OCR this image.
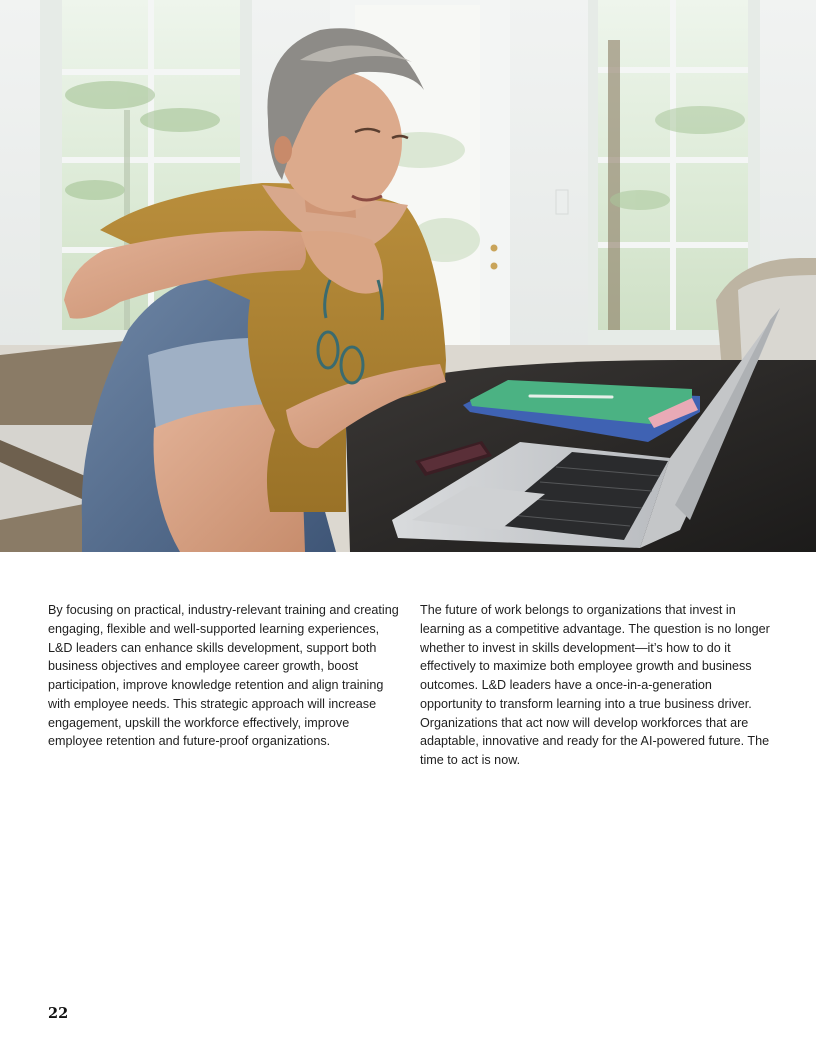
By focusing on practical, industry-relevant training and creating engaging, flexible and well-supported learning experiences, L&D leaders can enhance skills development, support both business objectives and employee career growth, boost participation, improve knowledge retention and align training with employee needs. This strategic approach will increase engagement, upskill the workforce effectively, improve employee retention and future-proof organizations.

The future of work belongs to organizations that invest in learning as a competitive advantage. The question is no longer whether to invest in skills development—it’s how to do it effectively to maximize both employee growth and business outcomes. L&D leaders have a once-in-a-generation opportunity to transform learning into a true business driver. Organizations that act now will develop workforces that are adaptable, innovative and ready for the AI-powered future. The time to act is now.

22
